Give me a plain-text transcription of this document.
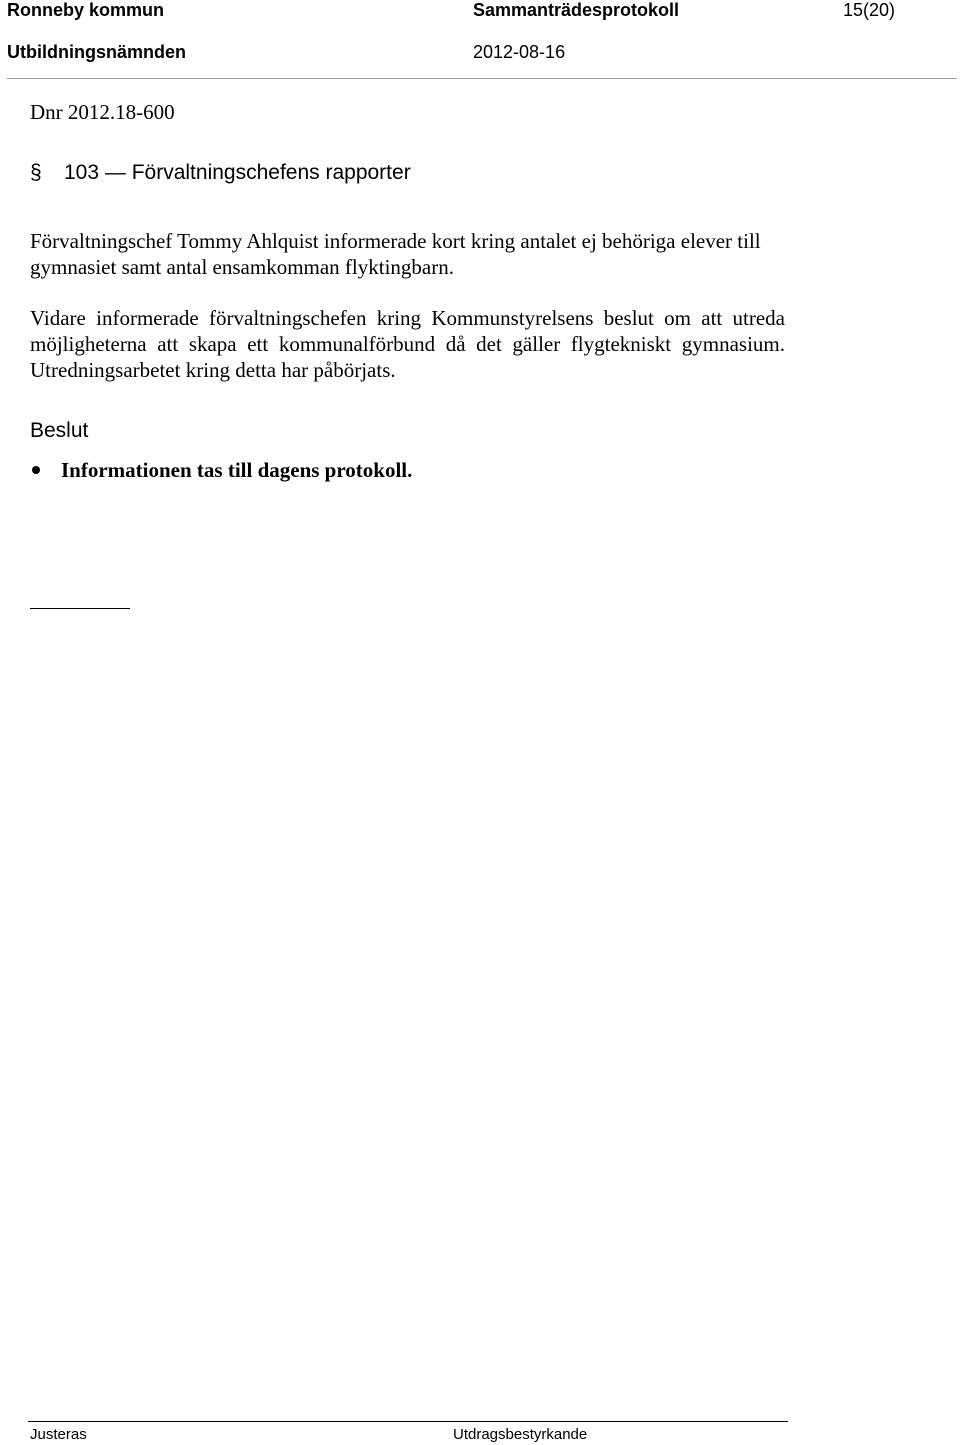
Ronneby kommun	Sammanträdesprotokoll	15(20)
Utbildningsnämnden	2012-08-16
Dnr 2012.18-600
§ 103 — Förvaltningschefens rapporter
Förvaltningschef Tommy Ahlquist informerade kort kring antalet ej behöriga elever till gymnasiet samt antal ensamkomman flyktingbarn.
Vidare informerade förvaltningschefen kring Kommunstyrelsens beslut om att utreda möjligheterna att skapa ett kommunalförbund då det gäller flygtekniskt gymnasium. Utredningsarbetet kring detta har påbörjats.
Beslut
Informationen tas till dagens protokoll.
Justeras	Utdragsbestyrkande
